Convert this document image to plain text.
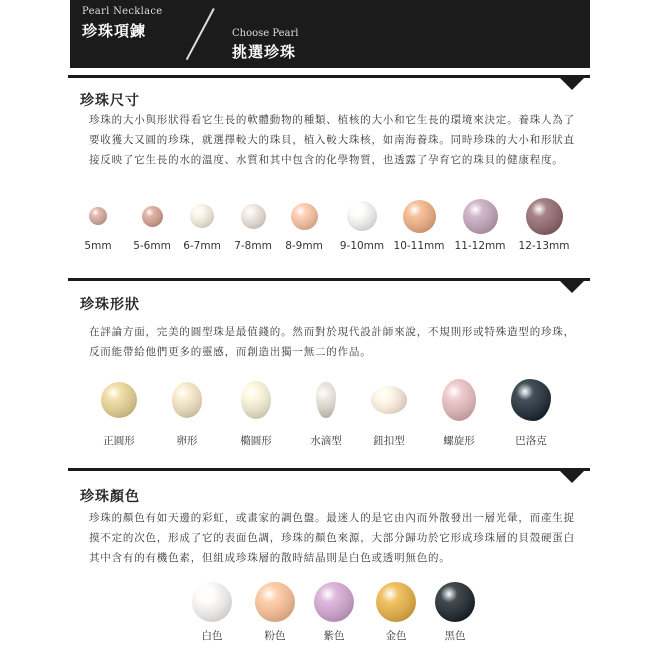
Pearl Necklace
珍珠項鍊	Choose Pearl
挑選珍珠
珍珠尺寸
珍珠的大小與形狀得看它生長的軟體動物的種類、植核的大小和它生長的環境來決定。養珠人為了要收獲大又圓的珍珠，就選擇較大的珠貝，植入較大珠核，如南海養珠。同時珍珠的大小和形狀直接反映了它生長的水的溫度、水質和其中包含的化學物質，也透露了孕育它的珠貝的健康程度。
5mm 5-6mm 6-7mm 7-8mm 8-9mm 9-10mm 10-11mm 11-12mm 12-13mm
珍珠形狀
在評論方面，完美的圓型珠是最值錢的。然而對於現代設計師來說，不規則形或特殊造型的珍珠，反而能帶給他們更多的靈感，而創造出獨一無二的作品。
正圓形	卵形	橢圓形	水滴型	鈕扣型	螺旋形	巴洛克
珍珠顏色
珍珠的顏色有如天邊的彩虹，或畫家的調色盤。最迷人的是它由內而外散發出一層光暈，而產生捉摸不定的次色，形成了它的表面色調，珍珠的顏色來源，大部分歸功於它形成珍珠層的貝殼硬蛋白其中含有的有機色素，但組成珍珠層的散時結晶則是白色或透明無色的。
白色	粉色	紫色	金色	黑色
